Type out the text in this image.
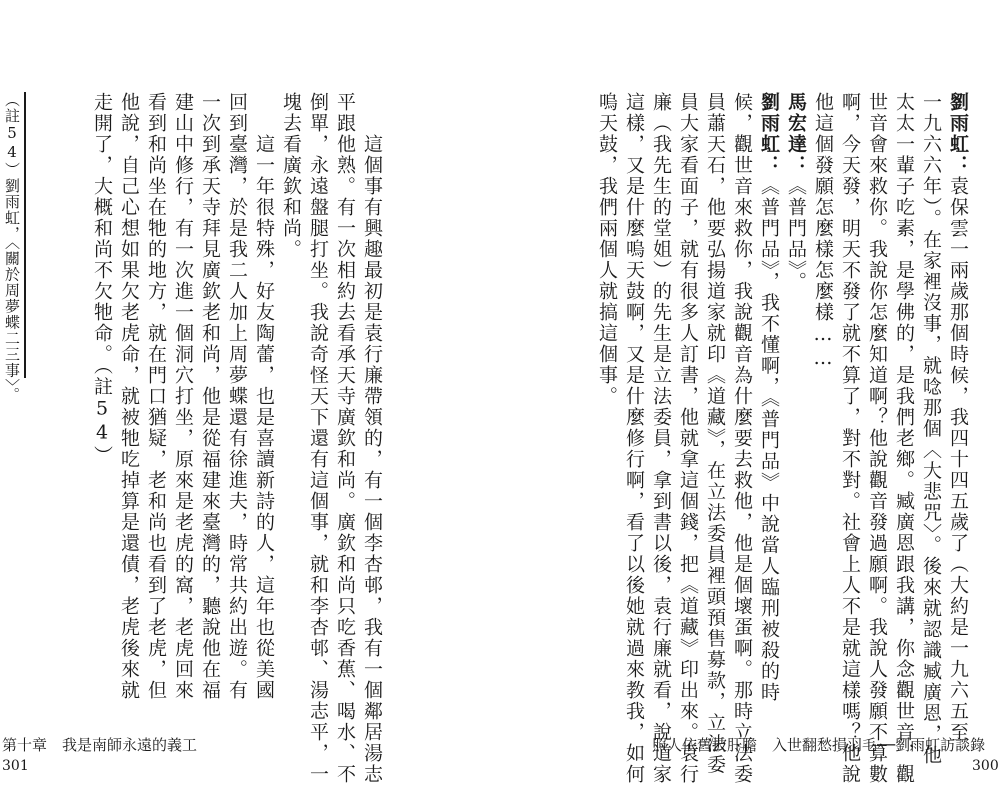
劉雨虹：袁保雲一兩歲那個時候，我四十四五歲了（大約是一九六五至
一九六六年）。在家裡沒事，就唸那個〈大悲咒〉。後來就認識臧廣恩，他
太太一輩子吃素，是學佛的，是我們老鄉。臧廣恩跟我講，你念觀世音，觀
世音會來救你。我說你怎麼知道啊？他說觀音發過願啊。我說人發願不算數
啊，今天發，明天不發了就不算了，對不對。社會上人不是就這樣嗎？他說
他這個發願怎麼樣怎麼樣……
馬宏達：《普門品》。
劉雨虹：《普門品》，我不懂啊，《普門品》中說當人臨刑被殺的時
候，觀世音來救你，我說觀音為什麼要去救他，他是個壞蛋啊。那時立法委
員蕭天石，他要弘揚道家就印《道藏》，在立法委員裡頭預售募款，立法委
員大家看面子，就有很多人訂書，他就拿這個錢，把《道藏》印出來。袁行
廉（我先生的堂姐）的先生是立法委員，拿到書以後，袁行廉就看，說道家
這樣，又是什麼嗚天鼓啊，又是什麼修行啊，看了以後她就過來教我，如何
嗚天鼓，我們兩個人就搞這個事。
照人依舊披肝膽　入世翻愁損羽毛──劉雨虹訪談錄
300
　　這個事有興趣最初是袁行廉帶領的，有一個李杏邨，我有一個鄰居湯志
平跟他熟。有一次相約去看承天寺廣欽和尚。廣欽和尚只吃香蕉、喝水、不
倒單，永遠盤腿打坐。我說奇怪天下還有這個事，就和李杏邨、湯志平，一
塊去看廣欽和尚。
　　這一年很特殊，好友陶蕾，也是喜讀新詩的人，這年也從美國
回到臺灣，於是我二人加上周夢蝶還有徐進夫，時常共約出遊。有
一次到承天寺拜見廣欽老和尚，他是從福建來臺灣的，聽說他在福
建山中修行，有一次進一個洞穴打坐，原來是老虎的窩，老虎回來
看到和尚坐在牠的地方，就在門口猶疑，老和尚也看到了老虎，但
他說，自己心想如果欠老虎命，就被牠吃掉算是還債，老虎後來就
走開了，大概和尚不欠牠命。（註54）
（註54）劉雨虹，〈關於周夢蝶二三事〉。
第十章　我是南師永遠的義工
301
